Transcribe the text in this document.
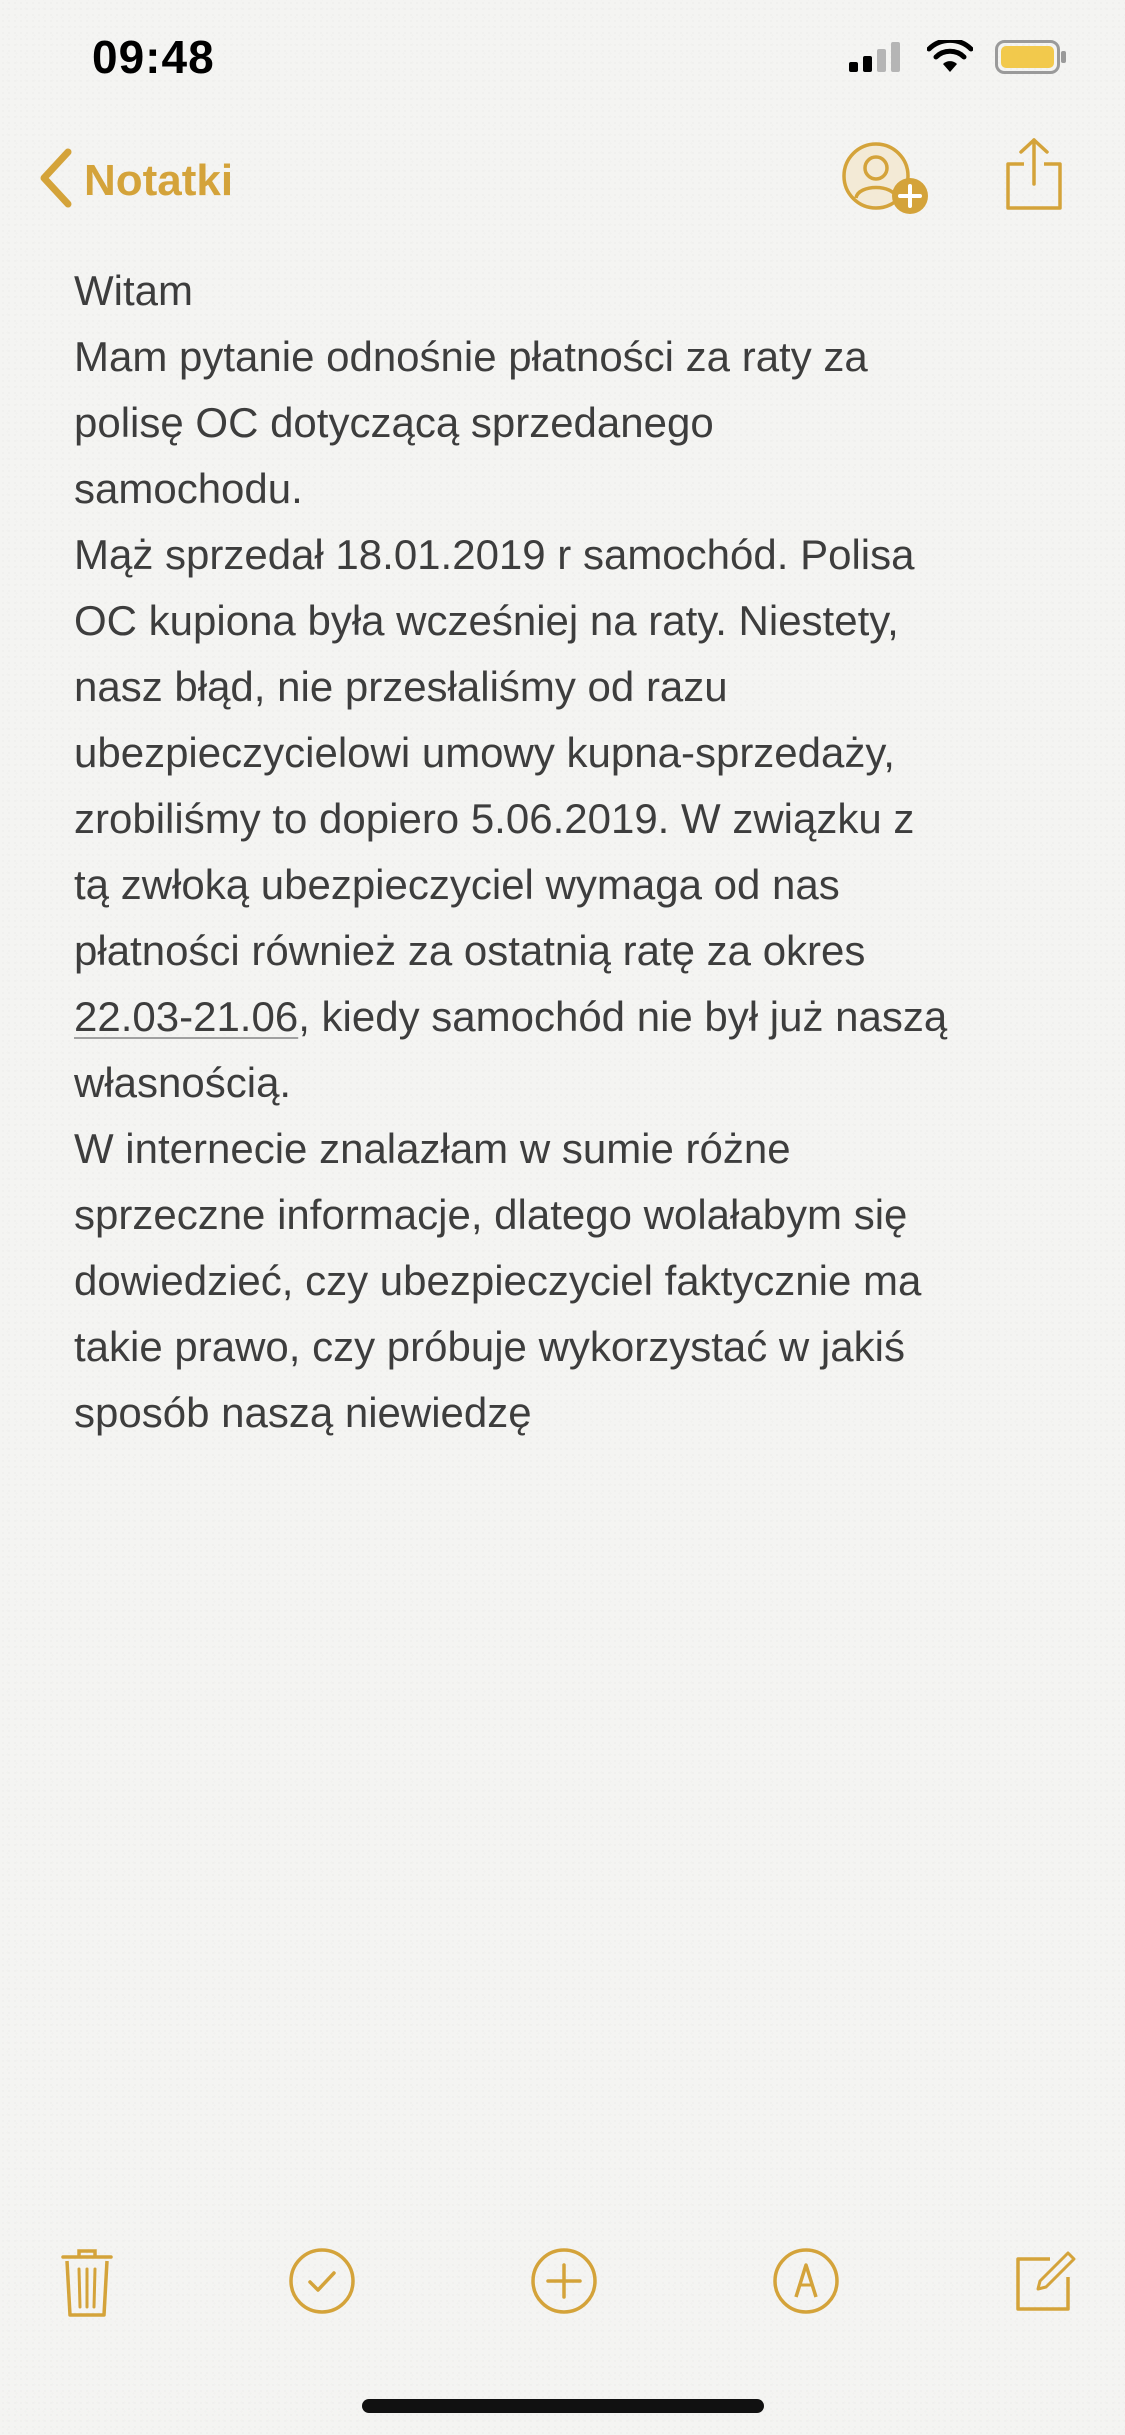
09:48
Notatki
Witam
Mam pytanie odnośnie płatności za raty za
polisę OC dotyczącą sprzedanego
samochodu.
Mąż sprzedał 18.01.2019 r samochód. Polisa
OC kupiona była wcześniej na raty. Niestety,
nasz błąd, nie przesłaliśmy od razu
ubezpieczycielowi umowy kupna-sprzedaży,
zrobiliśmy to dopiero 5.06.2019. W związku z
tą zwłoką ubezpieczyciel wymaga od nas
płatności również za ostatnią ratę za okres
22.03-21.06, kiedy samochód nie był już naszą
własnością.
W internecie znalazłam w sumie różne
sprzeczne informacje, dlatego wolałabym się
dowiedzieć, czy ubezpieczyciel faktycznie ma
takie prawo, czy próbuje wykorzystać w jakiś
sposób naszą niewiedzę
